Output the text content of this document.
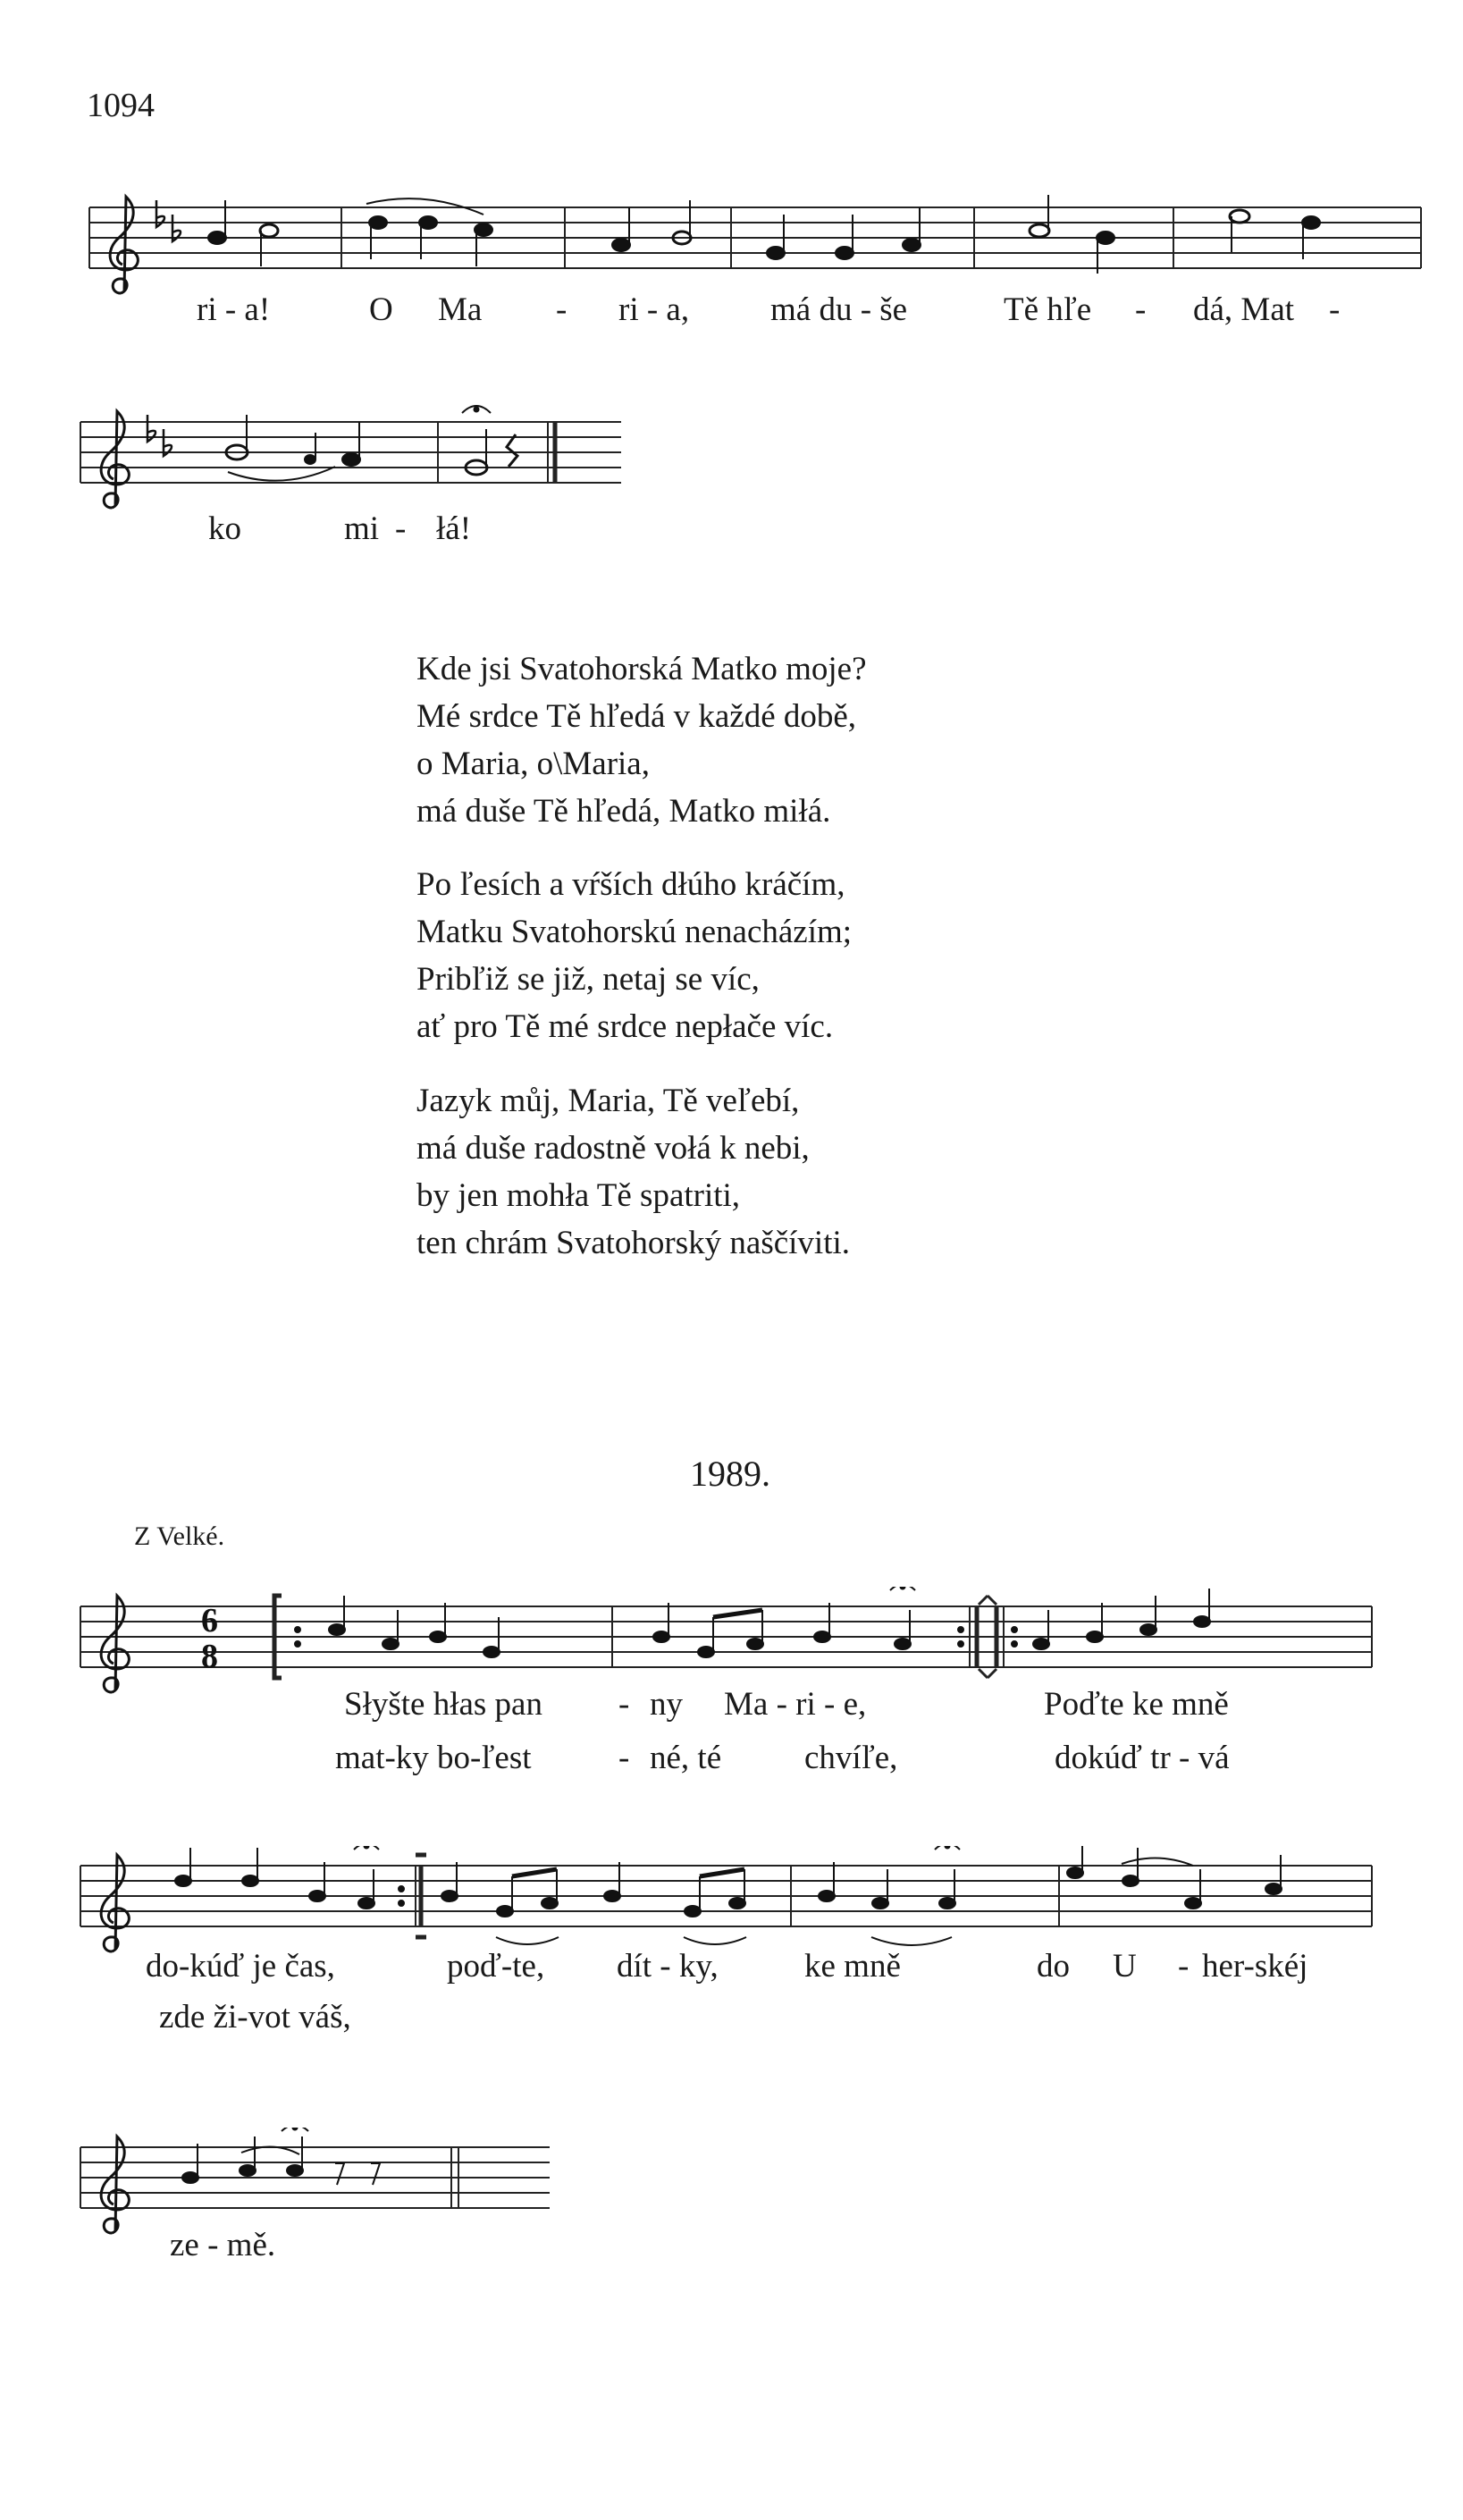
1094
ri - a!	O Ma - ri - a, má du - še	Tě hľe - dá, Mat -
ko	mi - łá!
Kde jsi Svatohorská Matko moje?
Mé srdce Tě hľedá v každé době,
o Maria, o\Maria,
má duše Tě hľedá, Matko miłá.
Po ľesích a vŕších dłúho kráčím,
Matku Svatohorskú nenacházím;
Pribľiž se již, netaj se víc,
ať pro Tě mé srdce nepłače víc.
Jazyk můj, Maria, Tě veľebí,
má duše radostně vołá k nebi,
by jen mohła Tě spatriti,
ten chrám Svatohorský naščíviti.
1989.
Z Velké.
6
8
Słyšte hłas pan - ny Ma - ri - e,	Poďte ke mně
mat-ky bo-ľest	- né, té	chvíľe,	dokúď tr - vá
do-kúď je čas,	poď-te, dít - ky,	ke mně	do U - her-skéj
zde ži-vot váš,
ze - mě.
